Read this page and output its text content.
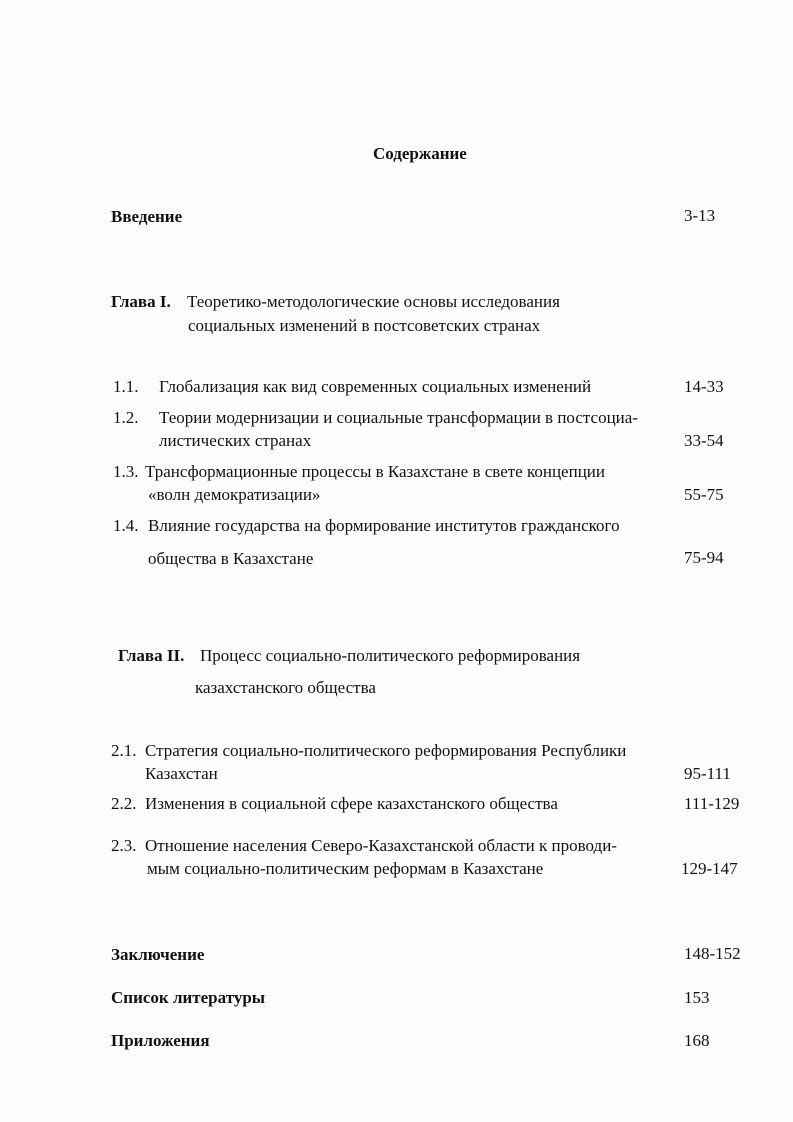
Содержание
Введение	3-13
Глава I. Теоретико-методологические основы исследования
социальных изменений в постсоветских странах
1.1. Глобализация как вид современных социальных изменений	14-33
1.2. Теории модернизации и социальные трансформации в постсоциа-
листических странах	33-54
1.3. Трансформационные процессы в Казахстане в свете концепции
«волн демократизации»	55-75
1.4. Влияние государства на формирование институтов гражданского
общества в Казахстане	75-94
Глава II. Процесс социально-политического реформирования
казахстанского общества
2.1. Стратегия социально-политического реформирования Республики
Казахстан	95-111
2.2. Изменения в социальной сфере казахстанского общества	111-129
2.3. Отношение населения Северо-Казахстанской области к проводи-
мым социально-политическим реформам в Казахстане	129-147
Заключение	148-152
Список литературы	153
Приложения	168
